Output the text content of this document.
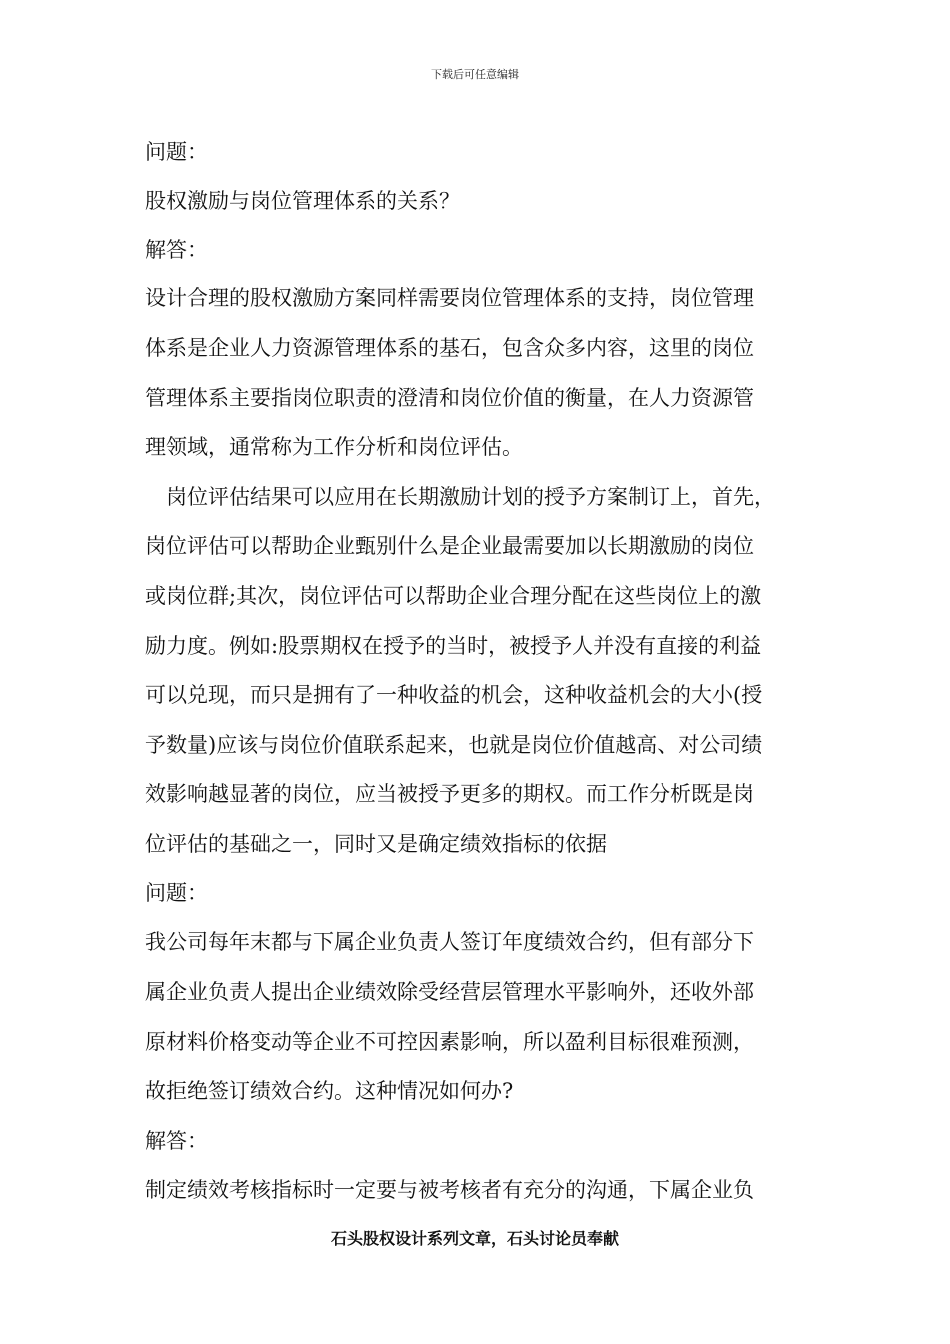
下载后可任意编辑
问题：
股权激励与岗位管理体系的关系？
解答：
设计合理的股权激励方案同样需要岗位管理体系的支持，岗位管理
体系是企业人力资源管理体系的基石，包含众多内容，这里的岗位
管理体系主要指岗位职责的澄清和岗位价值的衡量，在人力资源管
理领域，通常称为工作分析和岗位评估。
　岗位评估结果可以应用在长期激励计划的授予方案制订上，首先，
岗位评估可以帮助企业甄别什么是企业最需要加以长期激励的岗位
或岗位群;其次，岗位评估可以帮助企业合理分配在这些岗位上的激
励力度。例如:股票期权在授予的当时，被授予人并没有直接的利益
可以兑现，而只是拥有了一种收益的机会，这种收益机会的大小(授
予数量)应该与岗位价值联系起来，也就是岗位价值越高、对公司绩
效影响越显著的岗位，应当被授予更多的期权。而工作分析既是岗
位评估的基础之一，同时又是确定绩效指标的依据
问题：
我公司每年末都与下属企业负责人签订年度绩效合约，但有部分下
属企业负责人提出企业绩效除受经营层管理水平影响外，还收外部
原材料价格变动等企业不可控因素影响，所以盈利目标很难预测，
故拒绝签订绩效合约。这种情况如何办?
解答：
制定绩效考核指标时一定要与被考核者有充分的沟通，下属企业负
石头股权设计系列文章，石头讨论员奉献
